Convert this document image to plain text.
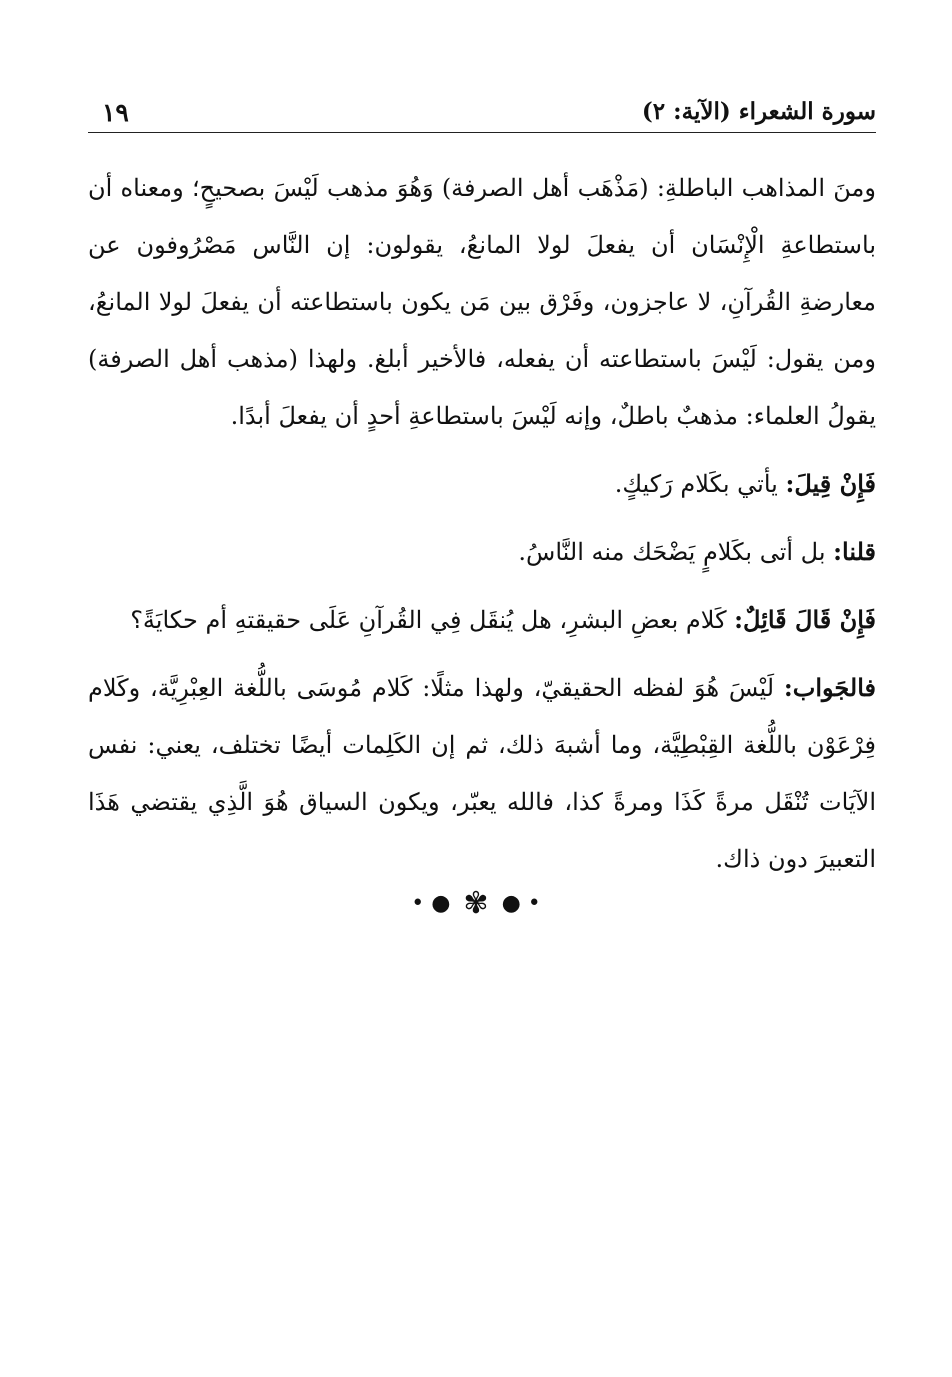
سورة الشعراء (الآية: ٢)
١٩

ومنَ المذاهب الباطلةِ: (مَذْهَب أهل الصرفة) وَهُوَ مذهب لَيْسَ بصحيحٍ؛ ومعناه أن باستطاعةِ الْإِنْسَان أن يفعلَ لولا المانعُ، يقولون: إن النَّاس مَصْرُوفون عن معارضةِ القُرآنِ، لا عاجزون، وفَرْق بين مَن يكون باستطاعته أن يفعلَ لولا المانعُ، ومن يقول: لَيْسَ باستطاعته أن يفعله، فالأخير أبلغ. ولهذا (مذهب أهل الصرفة) يقولُ العلماء: مذهبٌ باطلٌ، وإنه لَيْسَ باستطاعةِ أحدٍ أن يفعلَ أبدًا.

فَإِنْ قِيلَ: يأتي بكَلام رَكيكٍ.

قلنا: بل أتى بكَلامٍ يَضْحَك منه النَّاسُ.

فَإِنْ قَالَ قَائِلٌ: كَلام بعضِ البشرِ، هل يُنقَل فِي القُرآنِ عَلَى حقيقتهِ أم حكايَةً؟

فالجَواب: لَيْسَ هُوَ لفظه الحقيقيّ، ولهذا مثلًا: كَلام مُوسَى باللُّغة العِبْرِيَّة، وكَلام فِرْعَوْن باللُّغة القِبْطِيَّة، وما أشبهَ ذلك، ثم إن الكَلِمات أيضًا تختلف، يعني: نفس الآيَات تُنْقَل مرةً كَذَا ومرةً كذا، فالله يعبّر، ويكون السياق هُوَ الَّذِي يقتضي هَذَا التعبيرَ دون ذاك.

• ● ✾ ● •
